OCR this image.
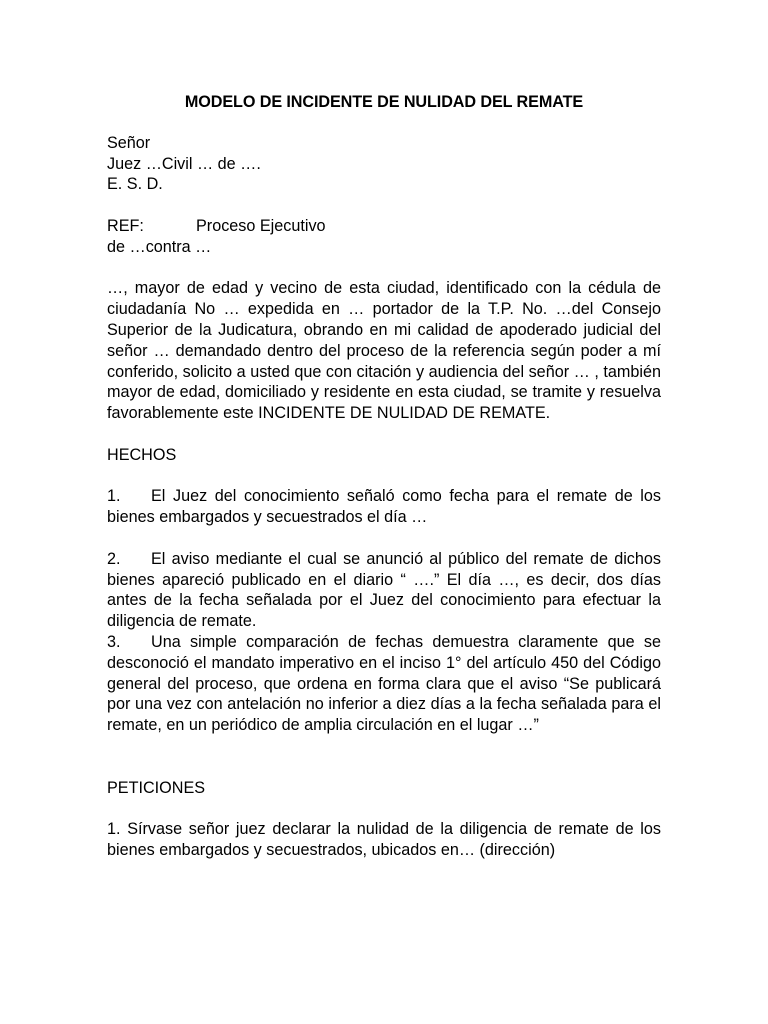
MODELO DE INCIDENTE DE NULIDAD DEL REMATE

Señor

Juez …Civil … de ….

E. S. D.

REF:	Proceso Ejecutivo

de …contra …

…, mayor de edad y vecino de esta ciudad, identificado con la cédula de ciudadanía No … expedida en … portador de la T.P. No. …del Consejo Superior de la Judicatura, obrando en mi calidad de apoderado judicial del señor … demandado dentro del proceso de la referencia según poder a mí conferido, solicito a usted que con citación y audiencia del señor … , también mayor de edad, domiciliado y residente en esta ciudad, se tramite y resuelva favorablemente este INCIDENTE DE NULIDAD DE REMATE.

HECHOS

1. El Juez del conocimiento señaló como fecha para el remate de los bienes embargados y secuestrados el día …

2. El aviso mediante el cual se anunció al público del remate de dichos bienes apareció publicado en el diario “ ….” El día …, es decir, dos días antes de la fecha señalada por el Juez del conocimiento para efectuar la diligencia de remate.

3. Una simple comparación de fechas demuestra claramente que se desconoció el mandato imperativo en el inciso 1° del artículo 450 del Código general del proceso, que ordena en forma clara que el aviso “Se publicará por una vez con antelación no inferior a diez días a la fecha señalada para el remate, en un periódico de amplia circulación en el lugar …”

PETICIONES

1. Sírvase señor juez declarar la nulidad de la diligencia de remate de los bienes embargados y secuestrados, ubicados en… (dirección)
